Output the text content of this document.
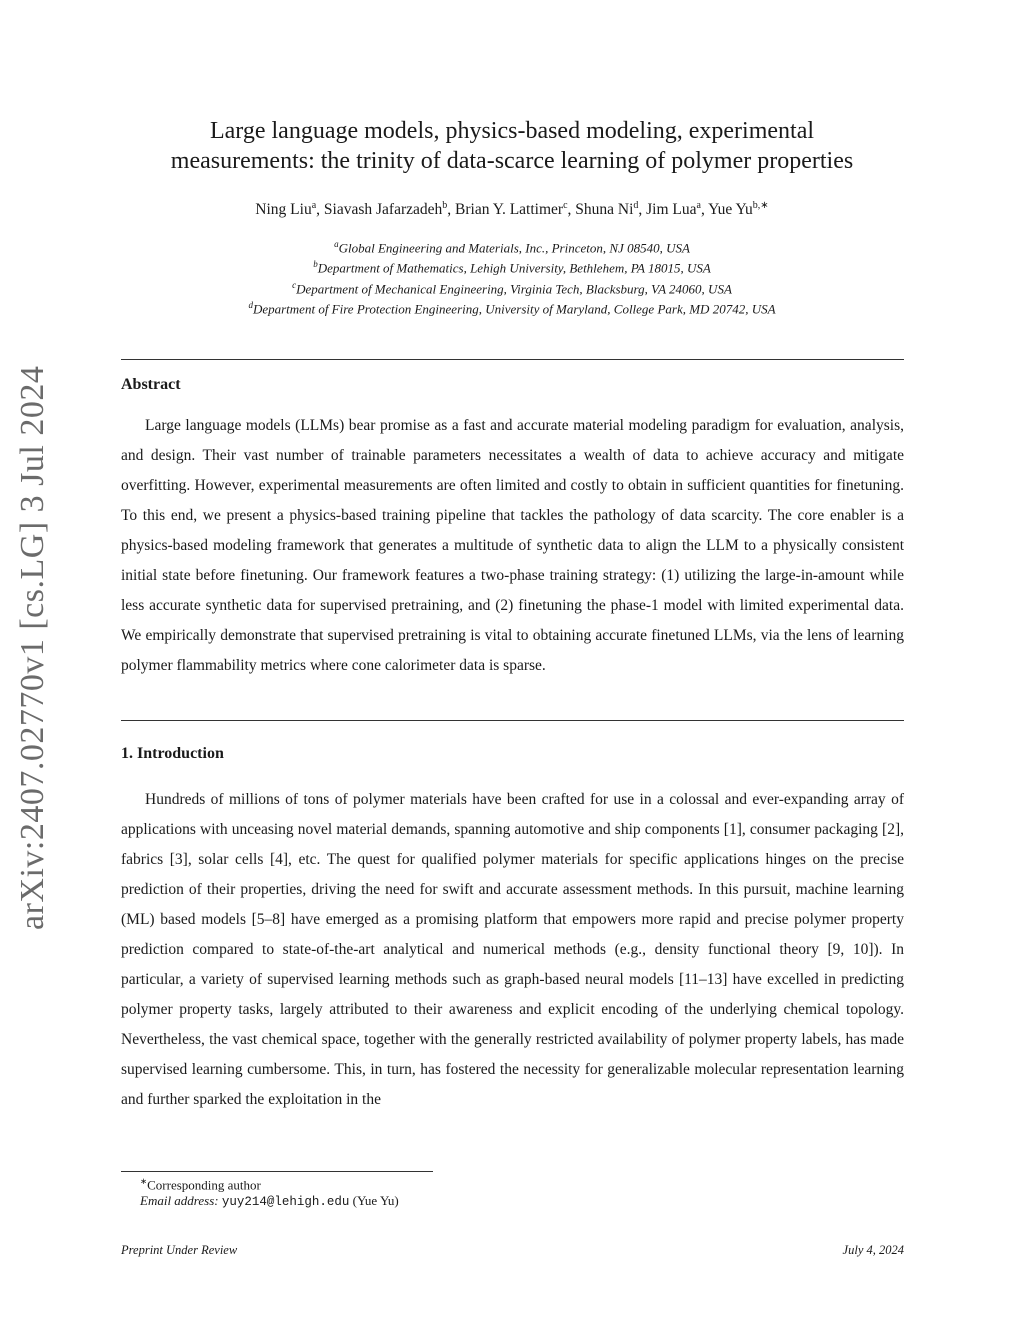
arXiv:2407.02770v1 [cs.LG] 3 Jul 2024
Large language models, physics-based modeling, experimental
measurements: the trinity of data-scarce learning of polymer properties
Ning Liu$^a$, Siavash Jafarzadeh$^b$, Brian Y. Lattimer$^c$, Shuna Ni$^d$, Jim Lua$^a$, Yue $Yu^{b,∗}$
$^a$Global Engineering and Materials, Inc., Princeton, NJ 08540, USA
$^b$Department of Mathematics, Lehigh University, Bethlehem, PA 18015, USA
$^c$Department of Mechanical Engineering, Virginia Tech, Blacksburg, VA 24060, USA
$^d$Department of Fire Protection Engineering, University of Maryland, College Park, MD 20742, USA
Abstract
Large language models (LLMs) bear promise as a fast and accurate material modeling paradigm for evaluation, analysis, and design. Their vast number of trainable parameters necessitates a wealth of data to achieve accuracy and mitigate overfitting. However, experimental measurements are often limited and costly to obtain in sufficient quantities for finetuning. To this end, we present a physics-based training pipeline that tackles the pathology of data scarcity. The core enabler is a physics-based modeling framework that generates a multitude of synthetic data to align the LLM to a physically consistent initial state before finetuning. Our framework features a two-phase training strategy: (1) utilizing the large-in-amount while less accurate synthetic data for supervised pretraining, and (2) finetuning the phase-1 model with limited experimental data. We empirically demonstrate that supervised pretraining is vital to obtaining accurate finetuned LLMs, via the lens of learning polymer flammability metrics where cone calorimeter data is sparse.
1. Introduction
Hundreds of millions of tons of polymer materials have been crafted for use in a colossal and ever-expanding array of applications with unceasing novel material demands, spanning automotive and ship components [1], consumer packaging [2], fabrics [3], solar cells [4], etc. The quest for qualified polymer materials for specific applications hinges on the precise prediction of their properties, driving the need for swift and accurate assessment methods. In this pursuit, machine learning (ML) based models [5–8] have emerged as a promising platform that empowers more rapid and precise polymer property prediction compared to state-of-the-art analytical and numerical methods (e.g., density functional theory [9, 10]). In particular, a variety of supervised learning methods such as graph-based neural models [11–13] have excelled in predicting polymer property tasks, largely attributed to their awareness and explicit encoding of the underlying chemical topology. Nevertheless, the vast chemical space, together with the generally restricted availability of polymer property labels, has made supervised learning cumbersome. This, in turn, has fostered the necessity for generalizable molecular representation learning and further sparked the exploitation in the
∗Corresponding author
Email address: yuy214@lehigh.edu (Yue Yu)
Preprint Under Review	July 4, 2024
